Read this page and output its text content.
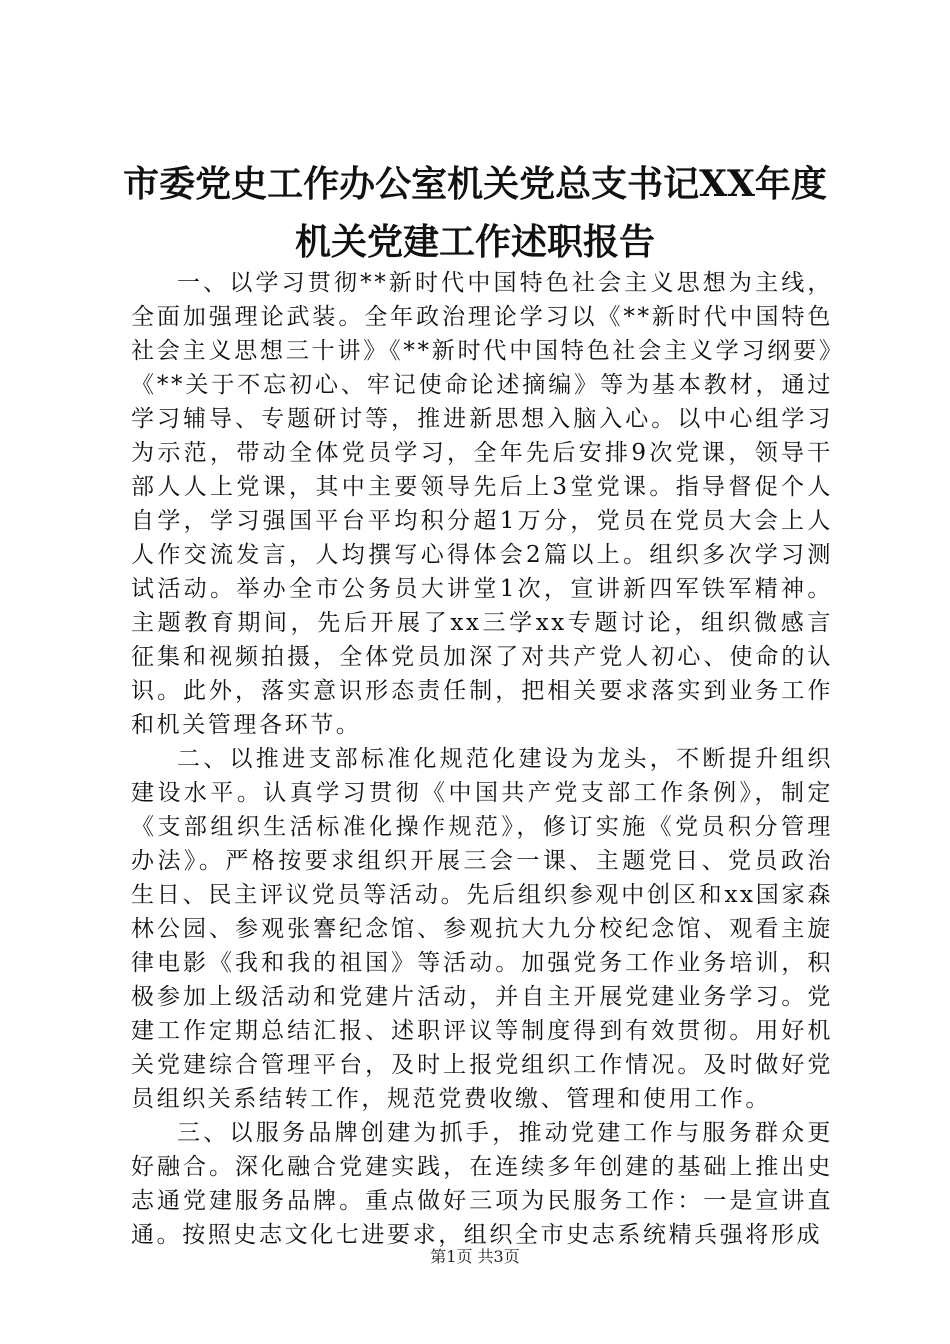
市委党史工作办公室机关党总支书记XX年度
机关党建工作述职报告

一、以学习贯彻**新时代中国特色社会主义思想为主线，全面加强理论武装。全年政治理论学习以《**新时代中国特色社会主义思想三十讲》《**新时代中国特色社会主义学习纲要》《**关于不忘初心、牢记使命论述摘编》等为基本教材，通过学习辅导、专题研讨等，推进新思想入脑入心。以中心组学习为示范，带动全体党员学习，全年先后安排9次党课，领导干部人人上党课，其中主要领导先后上3堂党课。指导督促个人自学，学习强国平台平均积分超1万分，党员在党员大会上人人作交流发言，人均撰写心得体会2篇以上。组织多次学习测试活动。举办全市公务员大讲堂1次，宣讲新四军铁军精神。主题教育期间，先后开展了xx三学xx专题讨论，组织微感言征集和视频拍摄，全体党员加深了对共产党人初心、使命的认识。此外，落实意识形态责任制，把相关要求落实到业务工作和机关管理各环节。

二、以推进支部标准化规范化建设为龙头，不断提升组织建设水平。认真学习贯彻《中国共产党支部工作条例》，制定《支部组织生活标准化操作规范》，修订实施《党员积分管理办法》。严格按要求组织开展三会一课、主题党日、党员政治生日、民主评议党员等活动。先后组织参观中创区和xx国家森林公园、参观张謇纪念馆、参观抗大九分校纪念馆、观看主旋律电影《我和我的祖国》等活动。加强党务工作业务培训，积极参加上级活动和党建片活动，并自主开展党建业务学习。党建工作定期总结汇报、述职评议等制度得到有效贯彻。用好机关党建综合管理平台，及时上报党组织工作情况。及时做好党员组织关系结转工作，规范党费收缴、管理和使用工作。

三、以服务品牌创建为抓手，推动党建工作与服务群众更好融合。深化融合党建实践，在连续多年创建的基础上推出史志通党建服务品牌。重点做好三项为民服务工作：一是宣讲直通。按照史志文化七进要求，组织全市史志系统精兵强将形成

第1页 共3页
